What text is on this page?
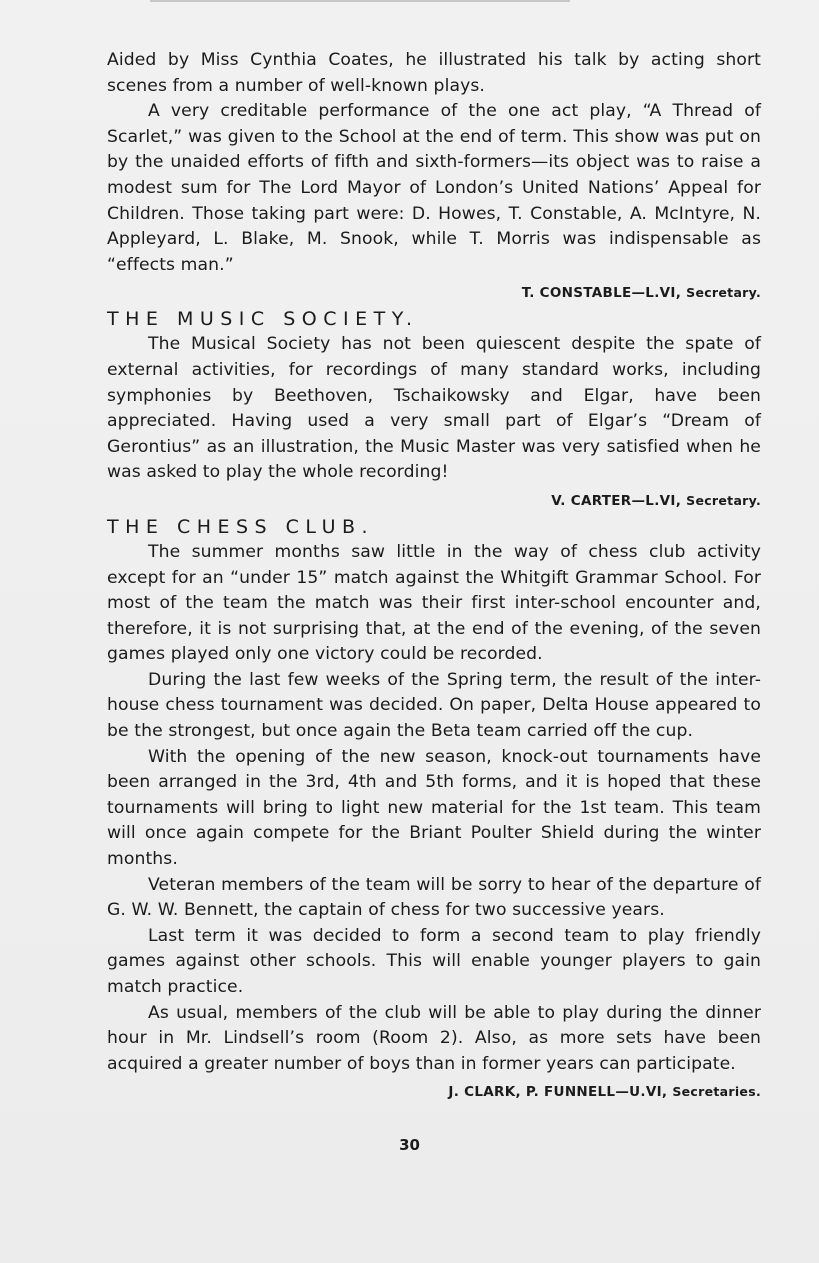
Aided by Miss Cynthia Coates, he illustrated his talk by acting short scenes from a number of well-known plays.

A very creditable performance of the one act play, “A Thread of Scarlet,” was given to the School at the end of term. This show was put on by the unaided efforts of fifth and sixth-formers—its object was to raise a modest sum for The Lord Mayor of London’s United Nations’ Appeal for Children. Those taking part were: D. Howes, T. Constable, A. McIntyre, N. Appleyard, L. Blake, M. Snook, while T. Morris was indispensable as “effects man.”

T. CONSTABLE—L.VI, Secretary.

THE MUSIC SOCIETY.

The Musical Society has not been quiescent despite the spate of external activities, for recordings of many standard works, including symphonies by Beethoven, Tschaikowsky and Elgar, have been appreciated. Having used a very small part of Elgar’s “Dream of Gerontius” as an illustration, the Music Master was very satisfied when he was asked to play the whole recording!

V. CARTER—L.VI, Secretary.

THE CHESS CLUB.

The summer months saw little in the way of chess club activity except for an “under 15” match against the Whitgift Grammar School. For most of the team the match was their first inter-school encounter and, therefore, it is not surprising that, at the end of the evening, of the seven games played only one victory could be recorded.

During the last few weeks of the Spring term, the result of the inter-house chess tournament was decided. On paper, Delta House appeared to be the strongest, but once again the Beta team carried off the cup.

With the opening of the new season, knock-out tournaments have been arranged in the 3rd, 4th and 5th forms, and it is hoped that these tournaments will bring to light new material for the 1st team. This team will once again compete for the Briant Poulter Shield during the winter months.

Veteran members of the team will be sorry to hear of the departure of G. W. W. Bennett, the captain of chess for two successive years.

Last term it was decided to form a second team to play friendly games against other schools. This will enable younger players to gain match practice.

As usual, members of the club will be able to play during the dinner hour in Mr. Lindsell’s room (Room 2). Also, as more sets have been acquired a greater number of boys than in former years can participate.

J. CLARK, P. FUNNELL—U.VI, Secretaries.

30
